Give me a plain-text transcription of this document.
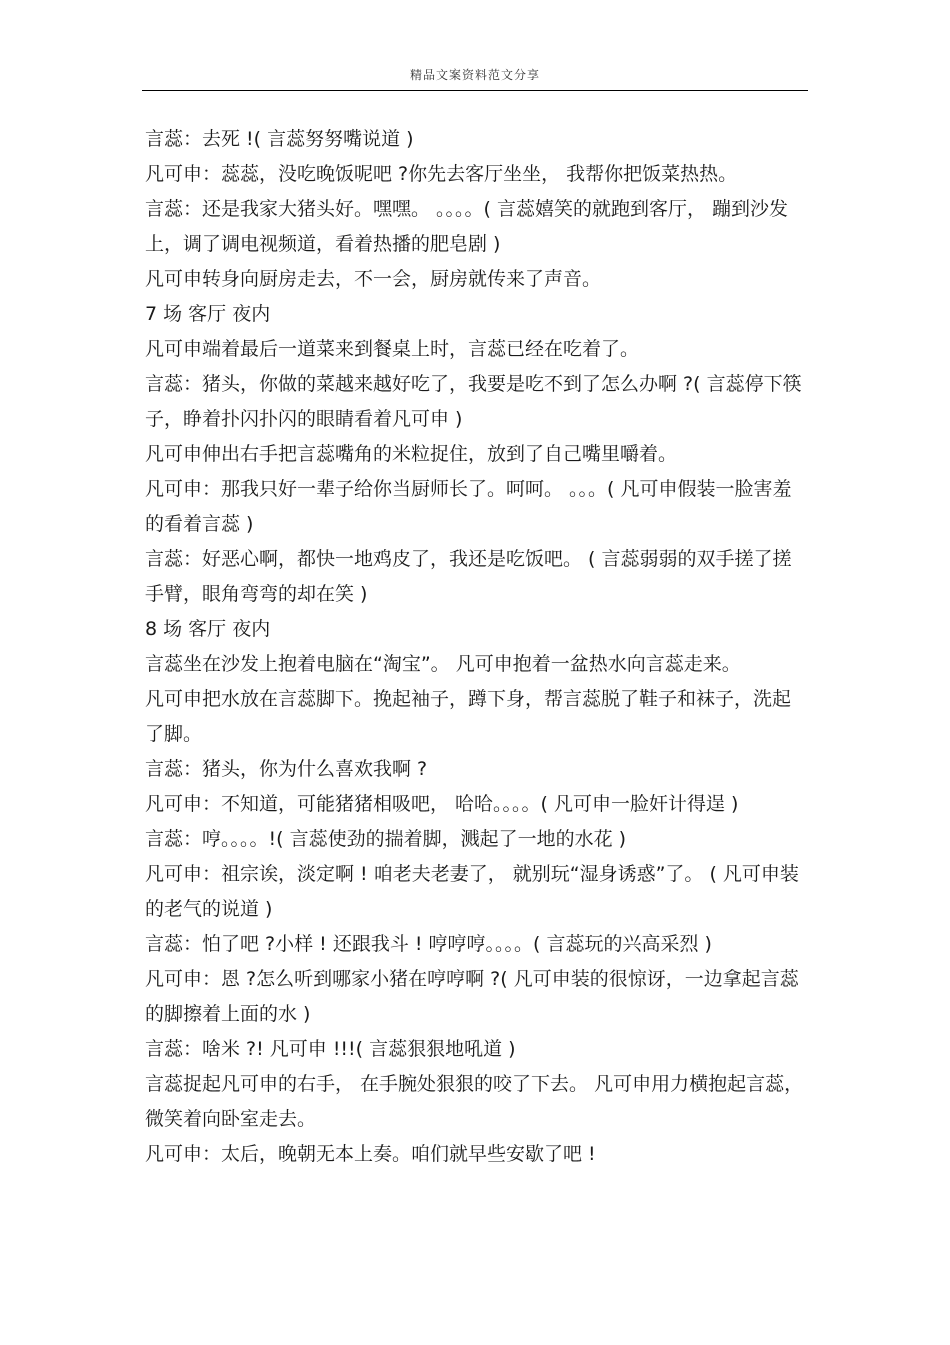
精品文案资料范文分享

言蕊：去死 !( 言蕊努努嘴说道 )

凡可申：蕊蕊，没吃晚饭呢吧 ?你先去客厅坐坐， 我帮你把饭菜热热。

言蕊：还是我家大猪头好。嘿嘿。 。。。。( 言蕊嬉笑的就跑到客厅， 蹦到沙发上，调了调电视频道，看着热播的肥皂剧 )

凡可申转身向厨房走去，不一会，厨房就传来了声音。

7 场 客厅 夜内

凡可申端着最后一道菜来到餐桌上时，言蕊已经在吃着了。

言蕊：猪头，你做的菜越来越好吃了，我要是吃不到了怎么办啊 ?( 言蕊停下筷子，睁着扑闪扑闪的眼睛看着凡可申 )

凡可申伸出右手把言蕊嘴角的米粒捉住，放到了自己嘴里嚼着。

凡可申：那我只好一辈子给你当厨师长了。呵呵。 。。。( 凡可申假装一脸害羞的看着言蕊 )

言蕊：好恶心啊，都快一地鸡皮了，我还是吃饭吧。 ( 言蕊弱弱的双手搓了搓手臂，眼角弯弯的却在笑 )

8 场 客厅 夜内

言蕊坐在沙发上抱着电脑在“淘宝”。 凡可申抱着一盆热水向言蕊走来。

凡可申把水放在言蕊脚下。挽起袖子，蹲下身，帮言蕊脱了鞋子和袜子，洗起了脚。

言蕊：猪头，你为什么喜欢我啊 ?

凡可申：不知道，可能猪猪相吸吧， 哈哈。。。。( 凡可申一脸奸计得逞 )

言蕊：哼。。。。!( 言蕊使劲的揣着脚，溅起了一地的水花 )

凡可申：祖宗诶，淡定啊 ! 咱老夫老妻了， 就别玩“湿身诱惑”了。 ( 凡可申装的老气的说道 )

言蕊：怕了吧 ?小样 ! 还跟我斗 ! 哼哼哼。。。。( 言蕊玩的兴高采烈 )

凡可申：恩 ?怎么听到哪家小猪在哼哼啊 ?( 凡可申装的很惊讶，一边拿起言蕊的脚擦着上面的水 )

言蕊：啥米 ?! 凡可申 !!!( 言蕊狠狠地吼道 )

言蕊捉起凡可申的右手， 在手腕处狠狠的咬了下去。 凡可申用力横抱起言蕊，微笑着向卧室走去。

凡可申：太后，晚朝无本上奏。咱们就早些安歇了吧 !
